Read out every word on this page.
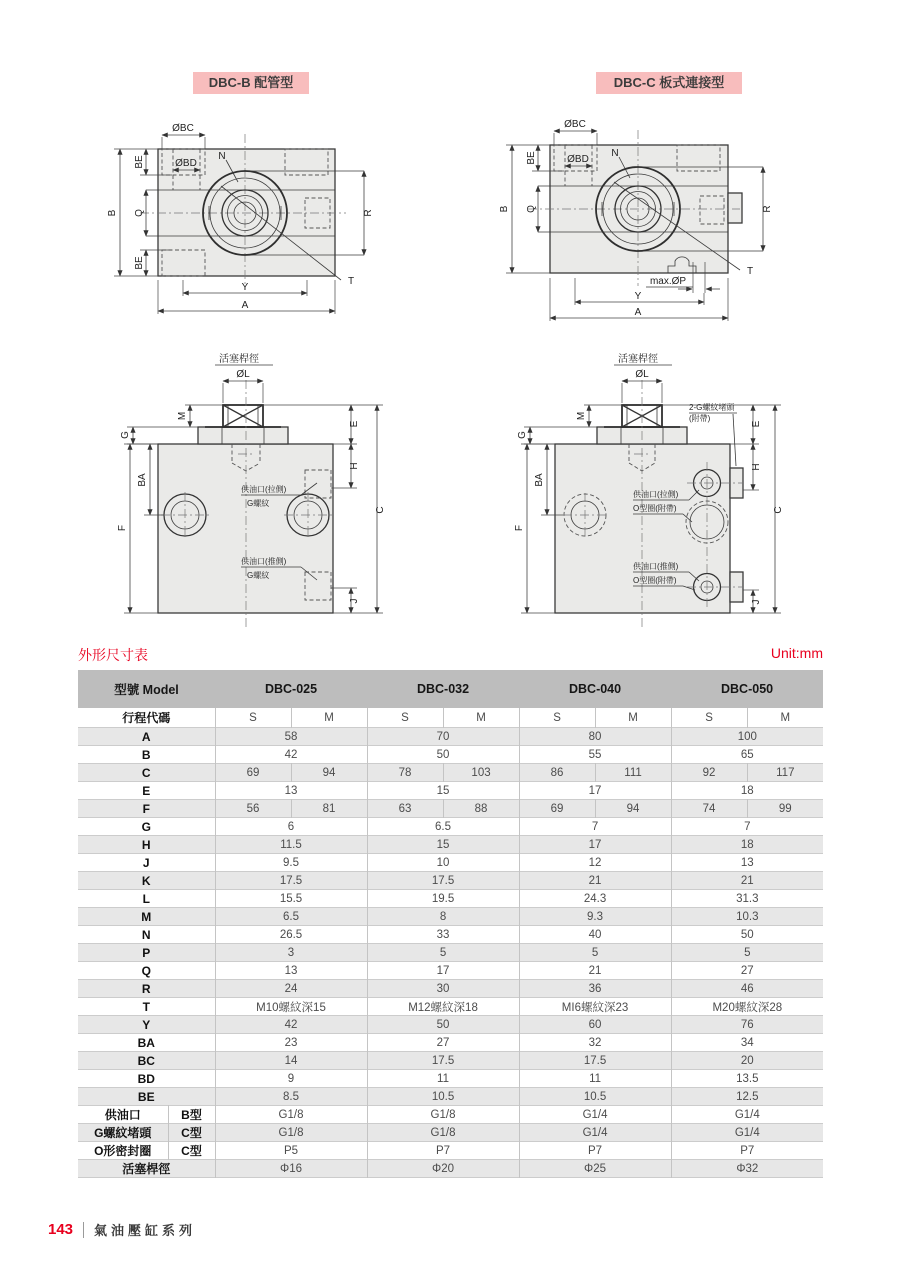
DBC-B 配管型	DBC-C 板式連接型
T
N
ØBC
ØBD
BE
B Q
BE
R
Y
A
T
N
ØBC
ØBD
BE
B Q	R
max.ØP
Y
A
活塞桿徑
ØL
M
G
BA
F
E
H
C
J
供油口(拉側)
G螺紋
供油口(推側)
G螺紋
活塞桿徑
ØL
M
G
BA
F
E
H
C
J
2-G螺紋堵頭
(附帶)
供油口(拉側)
O型圈(附帶)
供油口(推側)
O型圈(附帶)
外形尺寸表	Unit:mm
型號 Model		DBC-025		DBC-032		DBC-040		DBC-050	
行程代碼		S	M	S	M	S	M	S	M
A		58		70		80		100	
B		42		50		55		65	
C		69	94	78	103	86	111	92	117
E		13		15		17		18	
F		56	81	63	88	69	94	74	99
G		6		6.5		7		7	
H		11.5		15		17		18	
J		9.5		10		12		13	
K		17.5		17.5		21		21	
L		15.5		19.5		24.3		31.3	
M		6.5		8		9.3		10.3	
N		26.5		33		40		50	
P		3		5		5		5	
Q		13		17		21		27	
R		24		30		36		46	
T		M10螺紋深15		M12螺紋深18		MI6螺紋深23		M20螺紋深28	
Y		42		50		60		76	
BA		23		27		32		34	
BC		14		17.5		17.5		20	
BD		9		11		11		13.5	
BE		8.5		10.5		10.5		12.5	
供油口	B型	G1/8		G1/8		G1/4		G1/4	
G螺紋堵頭	C型	G1/8		G1/8		G1/4		G1/4	
O形密封圈	C型	P5		P7		P7		P7	
活塞桿徑		Φ16		Φ20		Φ25		Φ32	
143 氣油壓缸系列
